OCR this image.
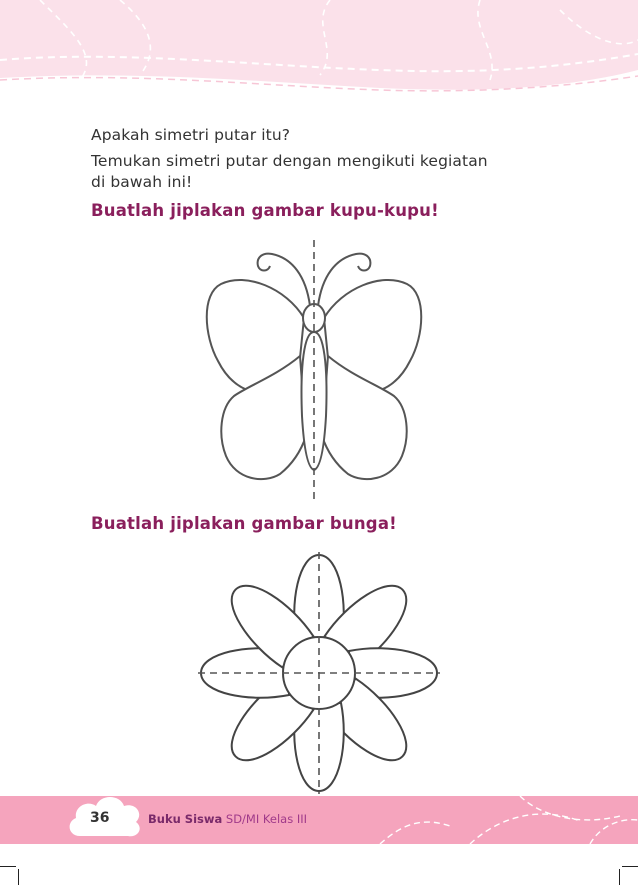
Apakah simetri putar itu?
Temukan simetri putar dengan mengikuti kegiatan
di bawah ini!
Buatlah jiplakan gambar kupu-kupu!
Buatlah jiplakan gambar bunga!
36	Buku Siswa SD/MI Kelas III
